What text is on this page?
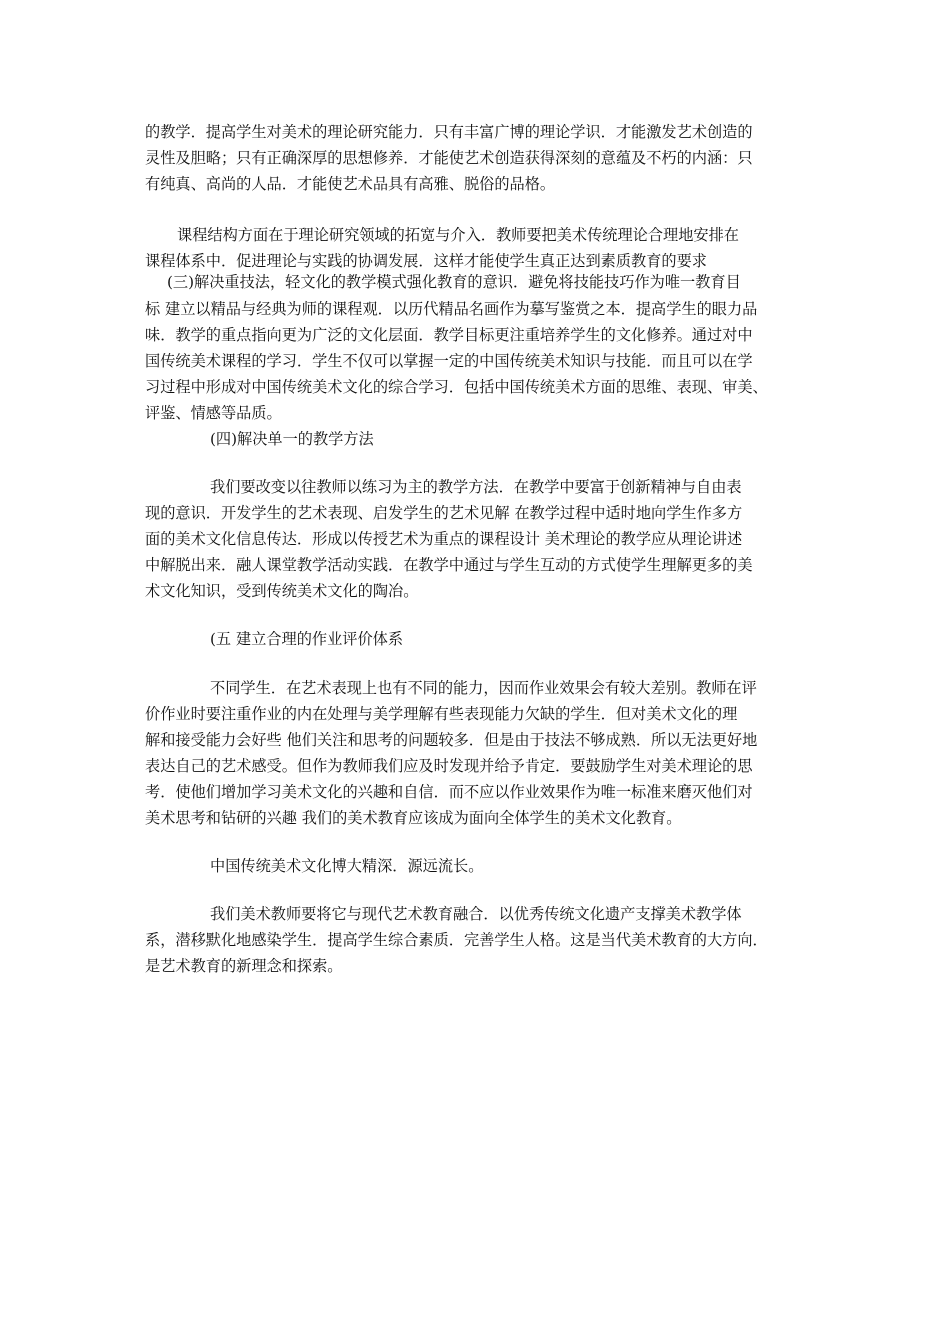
的教学．提高学生对美术的理论研究能力．只有丰富广博的理论学识．才能激发艺术创造的
灵性及胆略；只有正确深厚的思想修养．才能使艺术创造获得深刻的意蕴及不朽的内涵：只
有纯真、高尚的人品．才能使艺术品具有高雅、脱俗的品格。
课程结构方面在于理论研究领域的拓宽与介入．教师要把美术传统理论合理地安排在
课程体系中．促进理论与实践的协调发展．这样才能使学生真正达到素质教育的要求
(三)解决重技法，轻文化的教学模式强化教育的意识．避免将技能技巧作为唯一教育目
标 建立以精品与经典为师的课程观．以历代精品名画作为摹写鉴赏之本．提高学生的眼力品
味．教学的重点指向更为广泛的文化层面．教学目标更注重培养学生的文化修养。通过对中
国传统美术课程的学习．学生不仅可以掌握一定的中国传统美术知识与技能．而且可以在学
习过程中形成对中国传统美术文化的综合学习．包括中国传统美术方面的思维、表现、审美、
评鉴、情感等品质。
(四)解决单一的教学方法
我们要改变以往教师以练习为主的教学方法．在教学中要富于创新精神与自由表
现的意识．开发学生的艺术表现、启发学生的艺术见解 在教学过程中适时地向学生作多方
面的美术文化信息传达．形成以传授艺术为重点的课程设计 美术理论的教学应从理论讲述
中解脱出来．融人课堂教学活动实践．在教学中通过与学生互动的方式使学生理解更多的美
术文化知识，受到传统美术文化的陶冶。
(五 建立合理的作业评价体系
不同学生．在艺术表现上也有不同的能力，因而作业效果会有较大差别。教师在评
价作业时要注重作业的内在处理与美学理解有些表现能力欠缺的学生．但对美术文化的理
解和接受能力会好些 他们关注和思考的问题较多．但是由于技法不够成熟．所以无法更好地
表达自己的艺术感受。但作为教师我们应及时发现并给予肯定．要鼓励学生对美术理论的思
考．使他们增加学习美术文化的兴趣和自信．而不应以作业效果作为唯一标准来磨灭他们对
美术思考和钻研的兴趣 我们的美术教育应该成为面向全体学生的美术文化教育。
中国传统美术文化博大精深．源远流长。
我们美术教师要将它与现代艺术教育融合．以优秀传统文化遗产支撑美术教学体
系，潜移默化地感染学生．提高学生综合素质．完善学生人格。这是当代美术教育的大方向．
是艺术教育的新理念和探索。
